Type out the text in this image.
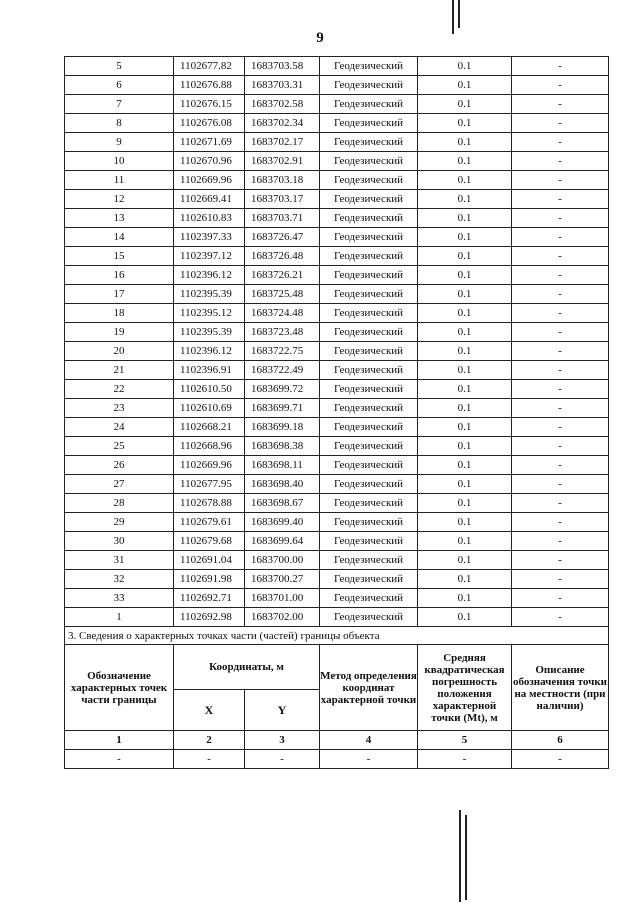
9
5	1102677.82	1683703.58	Геодезический	0.1	-
6	1102676.88	1683703.31	Геодезический	0.1	-
7	1102676.15	1683702.58	Геодезический	0.1	-
8	1102676.08	1683702.34	Геодезический	0.1	-
9	1102671.69	1683702.17	Геодезический	0.1	-
10	1102670.96	1683702.91	Геодезический	0.1	-
11	1102669.96	1683703.18	Геодезический	0.1	-
12	1102669.41	1683703.17	Геодезический	0.1	-
13	1102610.83	1683703.71	Геодезический	0.1	-
14	1102397.33	1683726.47	Геодезический	0.1	-
15	1102397.12	1683726.48	Геодезический	0.1	-
16	1102396.12	1683726.21	Геодезический	0.1	-
17	1102395.39	1683725.48	Геодезический	0.1	-
18	1102395.12	1683724.48	Геодезический	0.1	-
19	1102395.39	1683723.48	Геодезический	0.1	-
20	1102396.12	1683722.75	Геодезический	0.1	-
21	1102396.91	1683722.49	Геодезический	0.1	-
22	1102610.50	1683699.72	Геодезический	0.1	-
23	1102610.69	1683699.71	Геодезический	0.1	-
24	1102668.21	1683699.18	Геодезический	0.1	-
25	1102668.96	1683698.38	Геодезический	0.1	-
26	1102669.96	1683698.11	Геодезический	0.1	-
27	1102677.95	1683698.40	Геодезический	0.1	-
28	1102678.88	1683698.67	Геодезический	0.1	-
29	1102679.61	1683699.40	Геодезический	0.1	-
30	1102679.68	1683699.64	Геодезический	0.1	-
31	1102691.04	1683700.00	Геодезический	0.1	-
32	1102691.98	1683700.27	Геодезический	0.1	-
33	1102692.71	1683701.00	Геодезический	0.1	-
1	1102692.98	1683702.00	Геодезический	0.1	-
3. Сведения о характерных точках части (частей) границы объекта					
Обозначение характерных точек части границы	Координаты, м		Метод определения координат характерной точки	Средняя квадратическая погрешность положения характерной точки (Mt), м	Описание обозначения точки на местности (при наличии)
	X	Y			
1	2	3	4	5	6
-	-	-	-	-	-
